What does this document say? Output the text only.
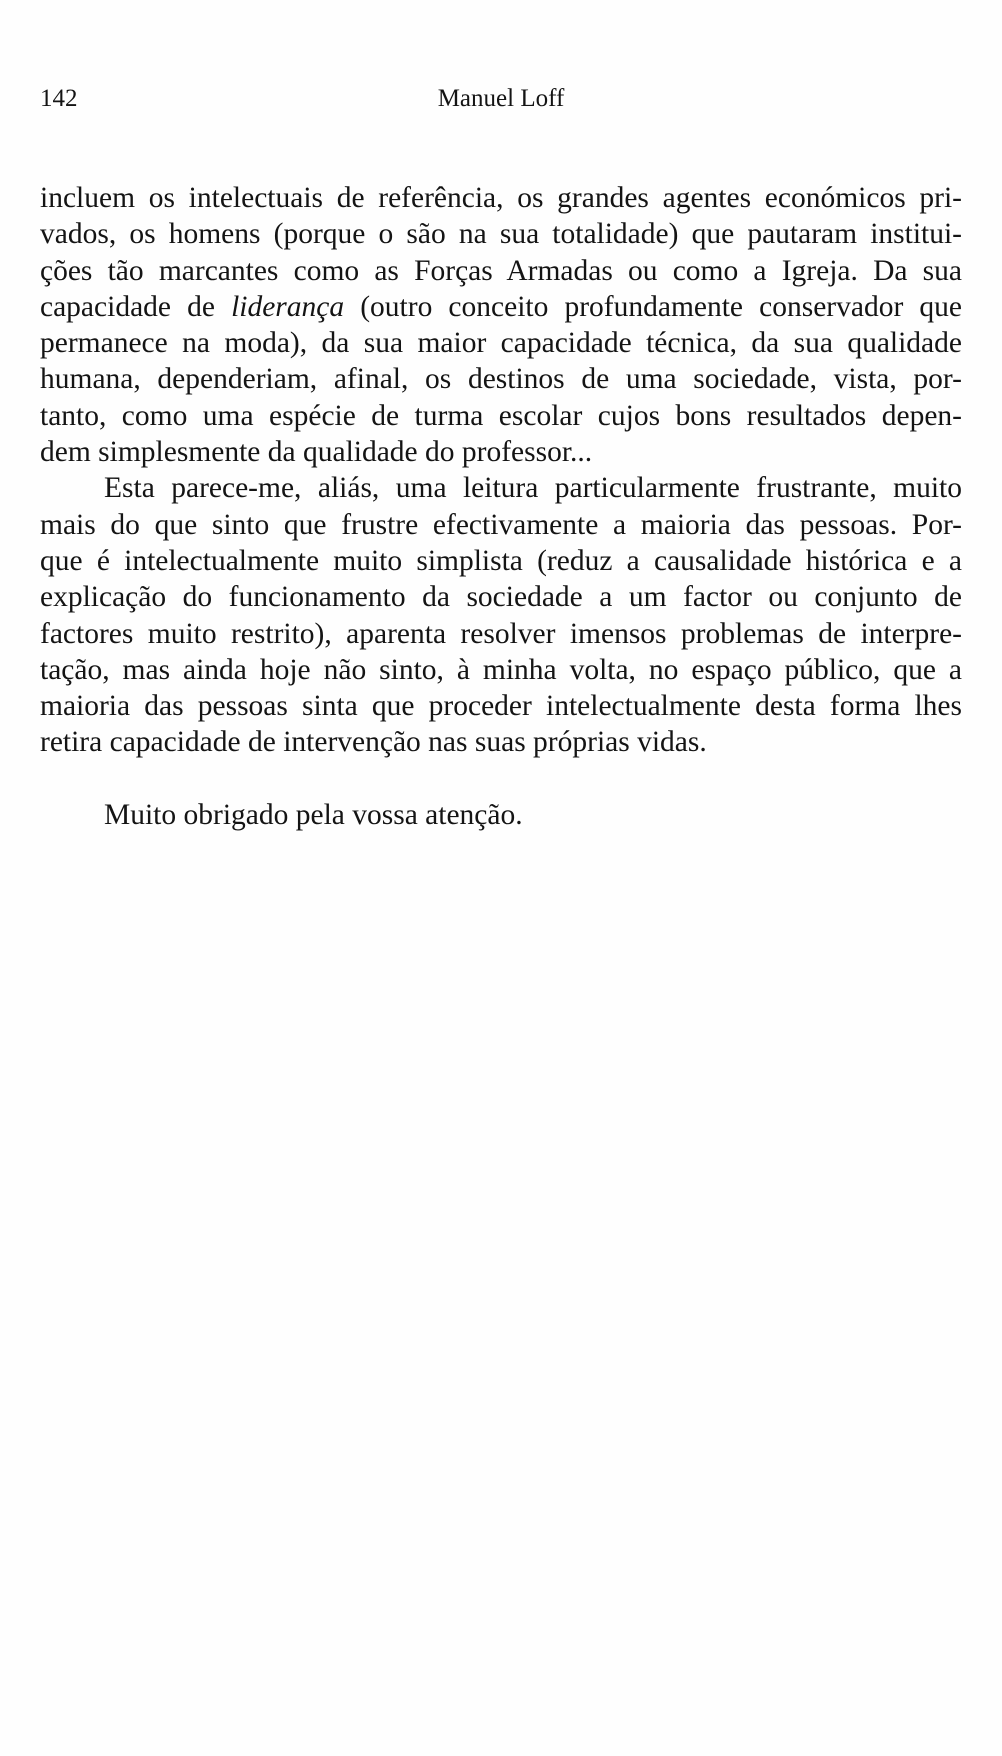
142	Manuel Loff
incluem os intelectuais de referência, os grandes agentes económicos pri-
vados, os homens (porque o são na sua totalidade) que pautaram institui-
ções tão marcantes como as Forças Armadas ou como a Igreja. Da sua
capacidade de liderança (outro conceito profundamente conservador que
permanece na moda), da sua maior capacidade técnica, da sua qualidade
humana, dependeriam, afinal, os destinos de uma sociedade, vista, por-
tanto, como uma espécie de turma escolar cujos bons resultados depen-
dem simplesmente da qualidade do professor...
Esta parece-me, aliás, uma leitura particularmente frustrante, muito
mais do que sinto que frustre efectivamente a maioria das pessoas. Por-
que é intelectualmente muito simplista (reduz a causalidade histórica e a
explicação do funcionamento da sociedade a um factor ou conjunto de
factores muito restrito), aparenta resolver imensos problemas de interpre-
tação, mas ainda hoje não sinto, à minha volta, no espaço público, que a
maioria das pessoas sinta que proceder intelectualmente desta forma lhes
retira capacidade de intervenção nas suas próprias vidas.
Muito obrigado pela vossa atenção.
